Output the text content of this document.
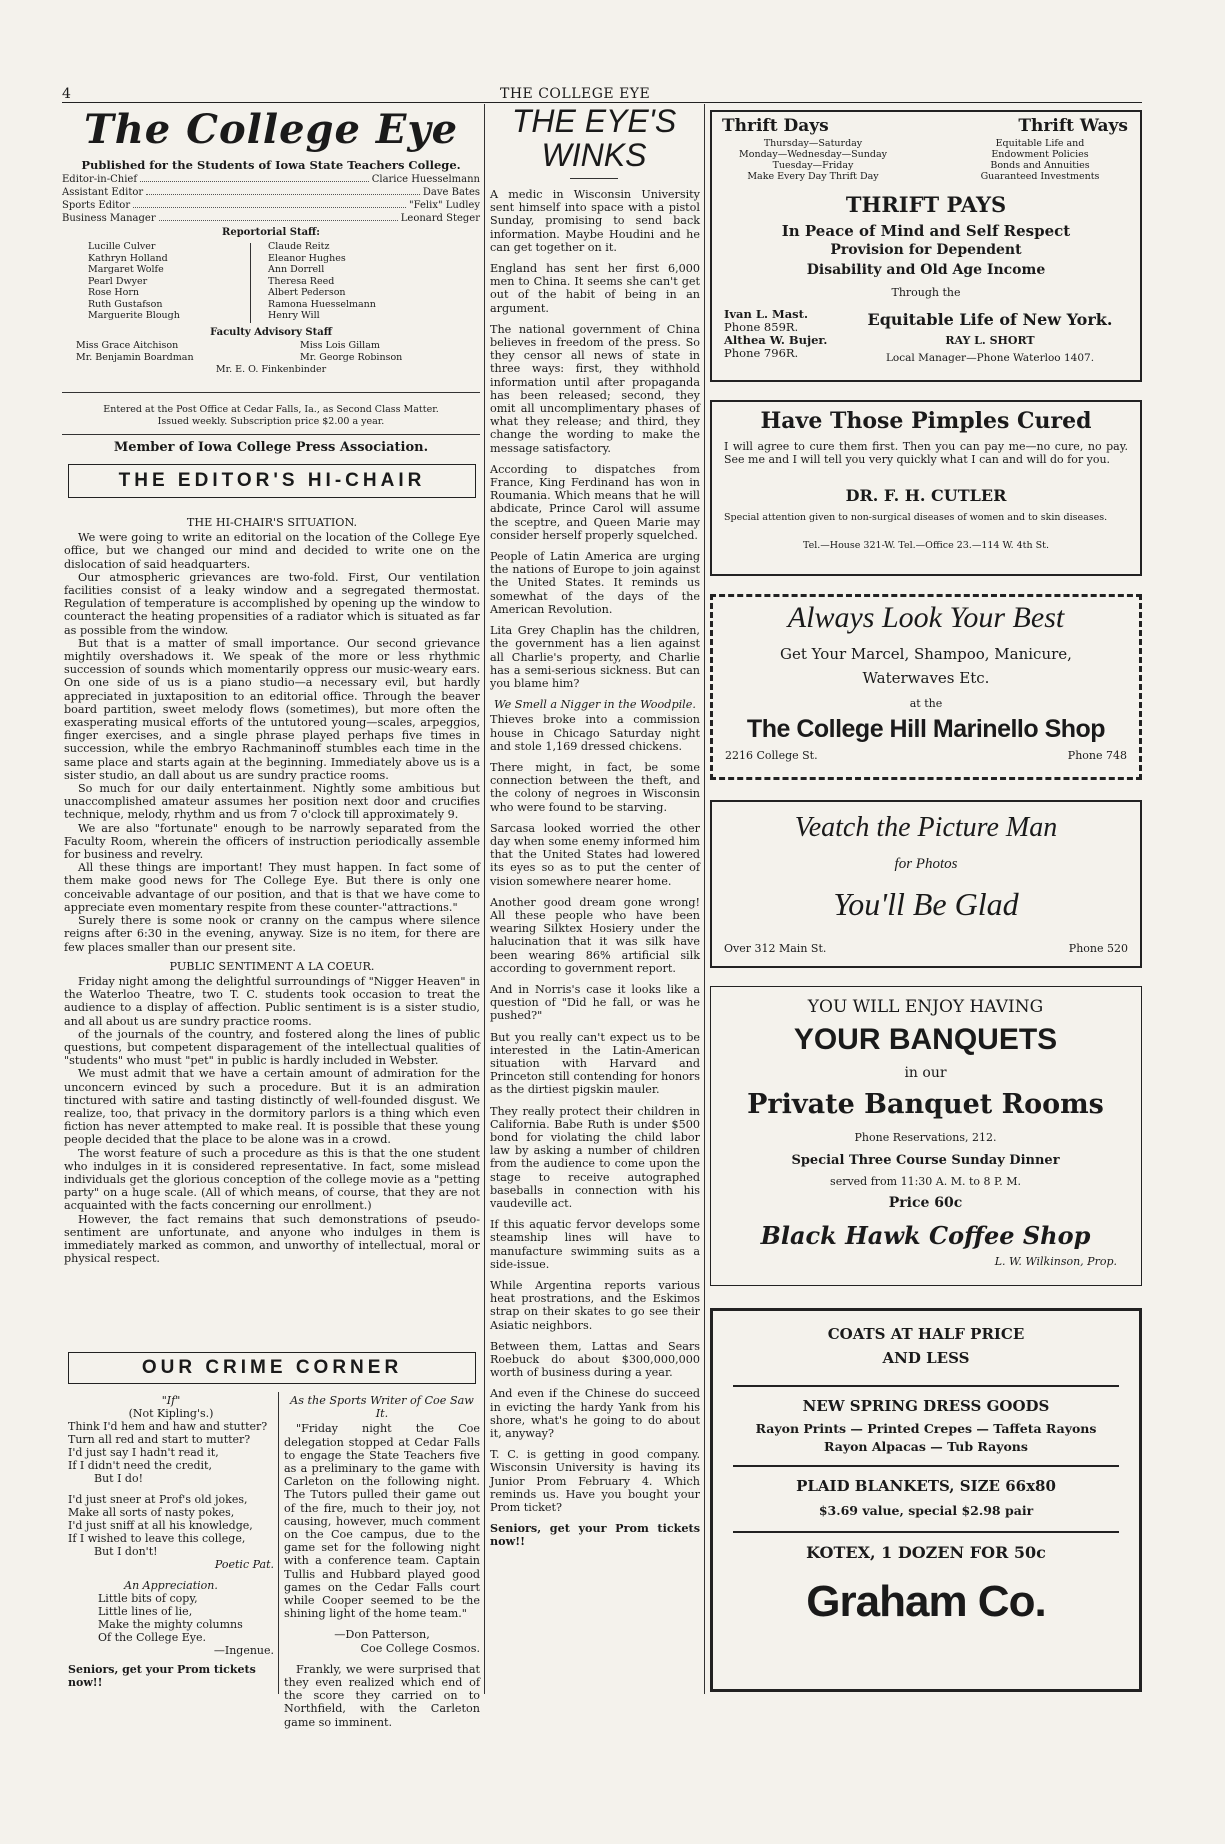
4	THE COLLEGE EYE
The College Eye
Published for the Students of Iowa State Teachers College.
Editor-in-Chief	Clarice Huesselmann
Assistant Editor	Dave Bates
Sports Editor	"Felix" Ludley
Business Manager	Leonard Steger
Reportorial Staff:
Lucille Culver
Kathryn Holland
Margaret Wolfe
Pearl Dwyer
Rose Horn
Ruth Gustafson
Marguerite Blough
Claude Reitz
Eleanor Hughes
Ann Dorrell
Theresa Reed
Albert Pederson
Ramona Huesselmann
Henry Will
Faculty Advisory Staff
Miss Grace Aitchison
Mr. Benjamin Boardman
Miss Lois Gillam
Mr. George Robinson
Mr. E. O. Finkenbinder
Entered at the Post Office at Cedar Falls, Ia., as Second Class Matter.
Issued weekly. Subscription price $2.00 a year.
Member of Iowa College Press Association.
THE EDITOR'S HI-CHAIR

THE HI-CHAIR'S SITUATION.

We were going to write an editorial on the location of the College Eye office, but we changed our mind and decided to write one on the dislocation of said headquarters.

Our atmospheric grievances are two-fold. First, Our ventilation facilities consist of a leaky window and a segregated thermostat. Regulation of temperature is accomplished by opening up the window to counteract the heating propensities of a radiator which is situated as far as possible from the window.

But that is a matter of small importance. Our second grievance mightily overshadows it. We speak of the more or less rhythmic succession of sounds which momentarily oppress our music-weary ears. On one side of us is a piano studio—a necessary evil, but hardly appreciated in juxtaposition to an editorial office. Through the beaver board partition, sweet melody flows (sometimes), but more often the exasperating musical efforts of the untutored young—scales, arpeggios, finger exercises, and a single phrase played perhaps five times in succession, while the embryo Rachmaninoff stumbles each time in the same place and starts again at the beginning. Immediately above us is a sister studio, an dall about us are sundry practice rooms.

So much for our daily entertainment. Nightly some ambitious but unaccomplished amateur assumes her position next door and crucifies technique, melody, rhythm and us from 7 o'clock till approximately 9.

We are also "fortunate" enough to be narrowly separated from the Faculty Room, wherein the officers of instruction periodically assemble for business and revelry.

All these things are important! They must happen. In fact some of them make good news for The College Eye. But there is only one conceivable advantage of our position, and that is that we have come to appreciate even momentary respite from these counter-"attractions."

Surely there is some nook or cranny on the campus where silence reigns after 6:30 in the evening, anyway. Size is no item, for there are few places smaller than our present site.

PUBLIC SENTIMENT A LA COEUR.

Friday night among the delightful surroundings of "Nigger Heaven" in the Waterloo Theatre, two T. C. students took occasion to treat the audience to a display of affection. Public sentiment is is a sister studio, and all about us are sundry practice rooms.

of the journals of the country, and fostered along the lines of public questions, but competent disparagement of the intellectual qualities of "students" who must "pet" in public is hardly included in Webster.

We must admit that we have a certain amount of admiration for the unconcern evinced by such a procedure. But it is an admiration tinctured with satire and tasting distinctly of well-founded disgust. We realize, too, that privacy in the dormitory parlors is a thing which even fiction has never attempted to make real. It is possible that these young people decided that the place to be alone was in a crowd.

The worst feature of such a procedure as this is that the one student who indulges in it is considered representative. In fact, some mislead individuals get the glorious conception of the college movie as a "petting party" on a huge scale. (All of which means, of course, that they are not acquainted with the facts concerning our enrollment.)

However, the fact remains that such demonstrations of pseudo-sentiment are unfortunate, and anyone who indulges in them is immediately marked as common, and unworthy of intellectual, moral or physical respect.

OUR CRIME CORNER
"If"
(Not Kipling's.)
Think I'd hem and haw and stutter?
Turn all red and start to mutter?
I'd just say I hadn't read it,
If I didn't need the credit,
But I do!
I'd just sneer at Prof's old jokes,
Make all sorts of nasty pokes,
I'd just sniff at all his knowledge,
If I wished to leave this college,
But I don't!
Poetic Pat.
An Appreciation.
Little bits of copy,
Little lines of lie,
Make the mighty columns
Of the College Eye.
—Ingenue.
Seniors, get your Prom tickets now!!

As the Sports Writer of Coe Saw It.

"Friday night the Coe delegation stopped at Cedar Falls to engage the State Teachers five as a preliminary to the game with Carleton on the following night. The Tutors pulled their game out of the fire, much to their joy, not causing, however, much comment on the Coe campus, due to the game set for the following night with a conference team. Captain Tullis and Hubbard played good games on the Cedar Falls court while Cooper seemed to be the shining light of the home team."

—Don Patterson,

Coe College Cosmos.

Frankly, we were surprised that they even realized which end of the score they carried on to Northfield, with the Carleton game so imminent.

THE EYE'S WINKS

A medic in Wisconsin University sent himself into space with a pistol Sunday, promising to send back information. Maybe Houdini and he can get together on it.

England has sent her first 6,000 men to China. It seems she can't get out of the habit of being in an argument.

The national government of China believes in freedom of the press. So they censor all news of state in three ways: first, they withhold information until after propaganda has been released; second, they omit all uncomplimentary phases of what they release; and third, they change the wording to make the message satisfactory.

According to dispatches from France, King Ferdinand has won in Roumania. Which means that he will abdicate, Prince Carol will assume the sceptre, and Queen Marie may consider herself properly squelched.

People of Latin America are urging the nations of Europe to join against the United States. It reminds us somewhat of the days of the American Revolution.

Lita Grey Chaplin has the children, the government has a lien against all Charlie's property, and Charlie has a semi-serious sickness. But can you blame him?

We Smell a Nigger in the Woodpile.

Thieves broke into a commission house in Chicago Saturday night and stole 1,169 dressed chickens.

There might, in fact, be some connection between the theft, and the colony of negroes in Wisconsin who were found to be starving.

Sarcasa looked worried the other day when some enemy informed him that the United States had lowered its eyes so as to put the center of vision somewhere nearer home.

Another good dream gone wrong! All these people who have been wearing Silktex Hosiery under the halucination that it was silk have been wearing 86% artificial silk according to government report.

And in Norris's case it looks like a question of "Did he fall, or was he pushed?"

But you really can't expect us to be interested in the Latin-American situation with Harvard and Princeton still contending for honors as the dirtiest pigskin mauler.

They really protect their children in California. Babe Ruth is under $500 bond for violating the child labor law by asking a number of children from the audience to come upon the stage to receive autographed baseballs in connection with his vaudeville act.

If this aquatic fervor develops some steamship lines will have to manufacture swimming suits as a side-issue.

While Argentina reports various heat prostrations, and the Eskimos strap on their skates to go see their Asiatic neighbors.

Between them, Lattas and Sears Roebuck do about $300,000,000 worth of business during a year.

And even if the Chinese do succeed in evicting the hardy Yank from his shore, what's he going to do about it, anyway?

T. C. is getting in good company. Wisconsin University is having its Junior Prom February 4. Which reminds us. Have you bought your Prom ticket?

Seniors, get your Prom tickets now!!

Thrift Days
Thursday—Saturday
Monday—Wednesday—Sunday
Tuesday—Friday
Make Every Day Thrift Day
Thrift Ways
Equitable Life and
Endowment Policies
Bonds and Annuities
Guaranteed Investments
THRIFT PAYS
In Peace of Mind and Self Respect
Provision for Dependent
Disability and Old Age Income
Through the
Ivan L. Mast.
Phone 859R.
Althea W. Bujer.
Phone 796R.
Equitable Life of New York.
RAY L. SHORT
Local Manager—Phone Waterloo 1407.
Have Those Pimples Cured
I will agree to cure them first. Then you can pay me—no cure, no pay. See me and I will tell you very quickly what I can and will do for you.
DR. F. H. CUTLER
Special attention given to non-surgical diseases of women and to skin diseases.
Tel.—House 321-W. Tel.—Office 23.—114 W. 4th St.
Always Look Your Best
Get Your Marcel, Shampoo, Manicure,
Waterwaves Etc.
at the
The College Hill Marinello Shop
2216 College St.	Phone 748
Veatch the Picture Man
for Photos
You'll Be Glad
Over 312 Main St.	Phone 520
YOU WILL ENJOY HAVING
YOUR BANQUETS
in our
Private Banquet Rooms
Phone Reservations, 212.
Special Three Course Sunday Dinner
served from 11:30 A. M. to 8 P. M.
Price 60c
Black Hawk Coffee Shop
L. W. Wilkinson, Prop.
COATS AT HALF PRICE
AND LESS
NEW SPRING DRESS GOODS
Rayon Prints — Printed Crepes — Taffeta Rayons
Rayon Alpacas — Tub Rayons
PLAID BLANKETS, SIZE 66x80
$3.69 value, special $2.98 pair
KOTEX, 1 DOZEN FOR 50c
Graham Co.
